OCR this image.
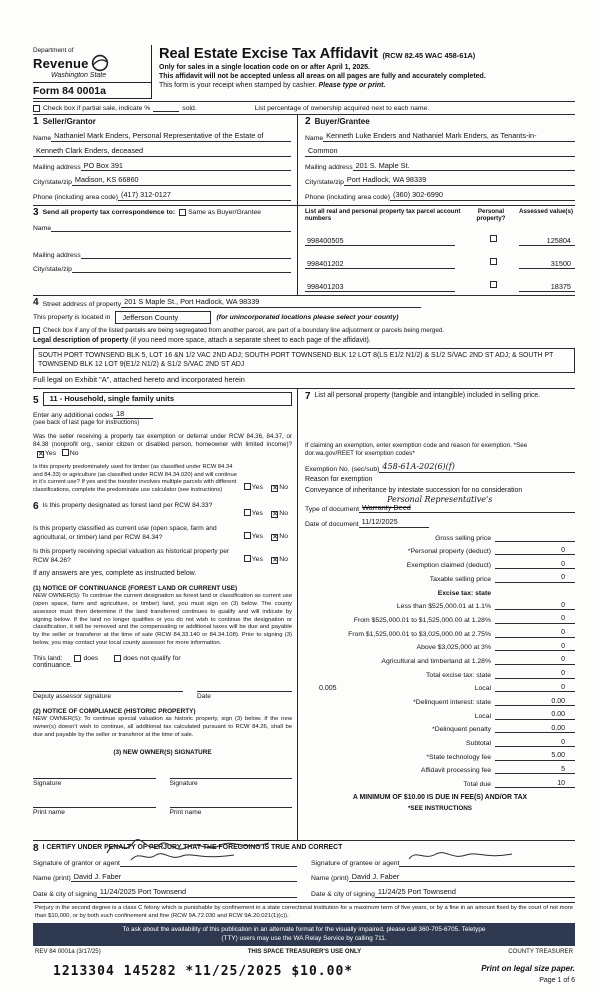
Department of
Revenue
Washington State
Form 84 0001a
Real Estate Excise Tax Affidavit (RCW 82.45 WAC 458-61A)
Only for sales in a single location code on or after April 1, 2025.
This affidavit will not be accepted unless all areas on all pages are fully and accurately completed.
This form is your receipt when stamped by cashier. Please type or print.
Check box if partial sale, indicate %	sold.	List percentage of ownership acquired next to each name.
1 Seller/Grantor
Name Nathaniel Mark Enders, Personal Representative of the Estate of
Kenneth Clark Enders, deceased
Mailing address PO Box 391
City/state/zip Madison, KS 66860
Phone (including area code) (417) 312-0127
2 Buyer/Grantee
Name Kenneth Luke Enders and Nathaniel Mark Enders, as Tenants-in-
Common
Mailing address 201 S. Maple St.
City/state/zip Port Hadlock, WA 98339
Phone (including area code) (360) 302-6990
3 Send all property tax correspondence to: Same as Buyer/Grantee
Name
Mailing address
City/state/zip
List all real and personal property tax parcel account numbers
Personal property?
Assessed value(s)
998400505	125804
998401202	31500
998401203	18375
4 Street address of property 201 S Maple St., Port Hadlock, WA 98339
This property is located in	Jefferson County	(for unincorporated locations please select your county)
Check box if any of the listed parcels are being segregated from another parcel, are part of a boundary line adjustment or parcels being merged.
Legal description of property (if you need more space, attach a separate sheet to each page of the affidavit).
SOUTH PORT TOWNSEND BLK 5, LOT 16 &N 1/2 VAC 2ND ADJ; SOUTH PORT TOWNSEND BLK 12 LOT 8(LS E1/2 N1/2) & S1/2 S/VAC 2ND ST ADJ; & SOUTH PT TOWNSEND BLK 12 LOT 9(E1/2 N1/2) & S1/2 S/VAC 2ND ST ADJ
Full legal on Exhibit "A", attached hereto and incorporated herein
5	11 - Household, single family units
Enter any additional codes 18
(see back of last page for instructions)
Was the seller receiving a property tax exemption or deferral under RCW 84.36, 84.37, or 84.38 (nonprofit org., senior citizen or disabled person, homeowner with limited income)? ✕Yes No
Is this property predominately used for timber (as classified under RCW 84.34 and 84.33) or agriculture (as classified under RCW 84.34.020) and will continue in it's current use? If yes and the transfer involves multiple parcels with different classifications, complete the predominate use calculator (see instructions)	Yes ✕No
6 Is this property designated as forest land per RCW 84.33?
Yes ✕No
Is this property classified as current use (open space, farm and agricultural, or timber) land per RCW 84.34?	Yes ✕No
Is this property receiving special valuation as historical property per RCW 84.26?	Yes ✕No
If any answers are yes, complete as instructed below.
(1) NOTICE OF CONTINUANCE (FOREST LAND OR CURRENT USE)
NEW OWNER(S): To continue the current designation as forest land or classification as current use (open space, farm and agriculture, or timber) land, you must sign on (3) below. The county assessor must then determine if the land transferred continues to qualify and will indicate by signing below. If the land no longer qualifies or you do not wish to continue the designation or classification, it will be removed and the compensating or additional taxes will be due and payable by the seller or transferor at the time of sale (RCW 84.33.140 or 84.34.108). Prior to signing (3) below, you may contact your local county assessor for more information.
This land:	does	does not qualify for
continuance.
Deputy assessor signature	Date
(2) NOTICE OF COMPLIANCE (HISTORIC PROPERTY)
NEW OWNER(S): To continue special valuation as historic property, sign (3) below. If the new owner(s) doesn't wish to continue, all additional tax calculated pursuant to RCW 84.26, shall be due and payable by the seller or transferor at the time of sale.
(3) NEW OWNER(S) SIGNATURE
Signature	Signature
Print name	Print name
7 List all personal property (tangible and intangible) included in selling price.
If claiming an exemption, enter exemption code and reason for exemption. *See dor.wa.gov/REET for exemption codes*
Exemption No. (sec/sub) 458-61A-202(6)(f)
Reason for exemption
Conveyance of inheritance by intestate succession for no consideration
Type of document
Personal Representative's
Warranty Deed
Date of document 11/12/2025
Gross selling price
*Personal property (deduct)	0
Exemption claimed (deduct)	0
Taxable selling price	0
Excise tax: state
Less than $525,000.01 at 1.1%	0
From $525,000.01 to $1,525,000.00 at 1.28%	0
From $1,525,000.01 to $3,025,000.00 at 2.75%	0
Above $3,025,000 at 3%	0
Agricultural and timberland at 1.28%	0
Total excise tax: state	0
0.005	Local	0
*Delinquent interest: state	0.00
Local	0.00
*Delinquent penalty	0.00
Subtotal	0
*State technology fee	5.00
Affidavit processing fee	5
Total due	10
A MINIMUM OF $10.00 IS DUE IN FEE(S) AND/OR TAX
*SEE INSTRUCTIONS
8 I CERTIFY UNDER PENALTY OF PERJURY THAT THE FOREGOING IS TRUE AND CORRECT
Signature of grantor or agent
Name (print) David J. Faber
Date & city of signing 11/24/2025 Port Townsend
Signature of grantee or agent
Name (print) David J. Faber
Date & city of signing 11/24/25 Port Townsend
Perjury in the second degree is a class C felony which is punishable by confinement in a state correctional institution for a maximum term of five years, or by a fine in an amount fixed by the court of not more than $10,000, or by both such confinement and fine (RCW 9A.72.030 and RCW 9A.20.021(1)(c)).
To ask about the availability of this publication in an alternate format for the visually impaired, please call 360-705-6705. Teletype
(TTY) users may use the WA Relay Service by calling 711.
REV 84 0001a (3/17/25)	THIS SPACE TREASURER'S USE ONLY	COUNTY TREASURER
1213304 145282 *11/25/2025 $10.00*	Print on legal size paper.
Page 1 of 6
